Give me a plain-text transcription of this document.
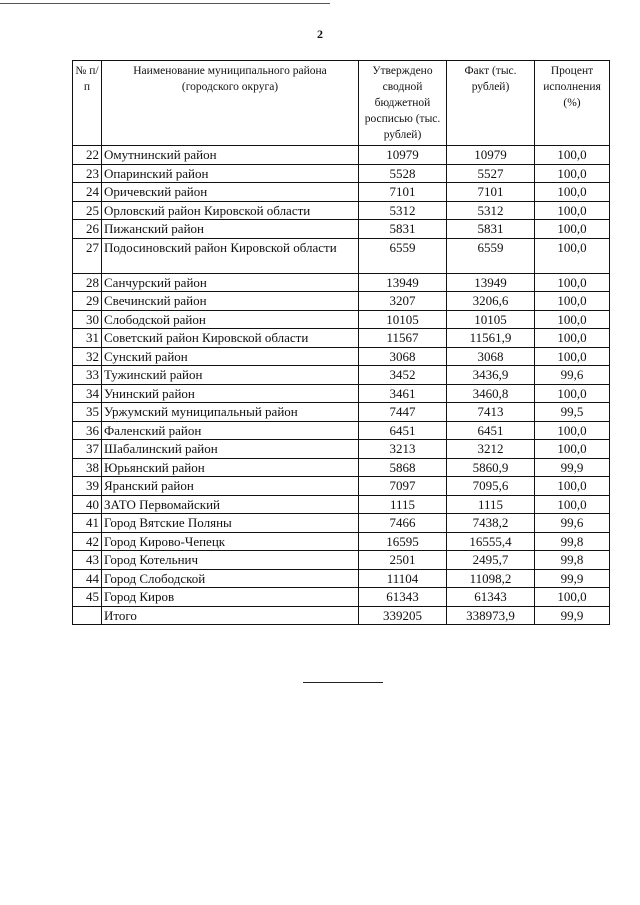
2
№ п/п	Наименование муниципального района (городского округа)	Утверждено сводной бюджетной росписью (тыс. рублей)	Факт (тыс. рублей)	Процент исполнения (%)
22	Омутнинский район	10979	10979	100,0
23	Опаринский район	5528	5527	100,0
24	Оричевский район	7101	7101	100,0
25	Орловский район Кировской области	5312	5312	100,0
26	Пижанский район	5831	5831	100,0
27	Подосиновский район Кировской области	6559	6559	100,0
28	Санчурский район	13949	13949	100,0
29	Свечинский район	3207	3206,6	100,0
30	Слободской район	10105	10105	100,0
31	Советский район Кировской области	11567	11561,9	100,0
32	Сунский район	3068	3068	100,0
33	Тужинский район	3452	3436,9	99,6
34	Унинский район	3461	3460,8	100,0
35	Уржумский муниципальный район	7447	7413	99,5
36	Фаленский район	6451	6451	100,0
37	Шабалинский район	3213	3212	100,0
38	Юрьянский район	5868	5860,9	99,9
39	Яранский район	7097	7095,6	100,0
40	ЗАТО Первомайский	1115	1115	100,0
41	Город Вятские Поляны	7466	7438,2	99,6
42	Город Кирово-Чепецк	16595	16555,4	99,8
43	Город Котельнич	2501	2495,7	99,8
44	Город Слободской	11104	11098,2	99,9
45	Город Киров	61343	61343	100,0
	Итого	339205	338973,9	99,9
